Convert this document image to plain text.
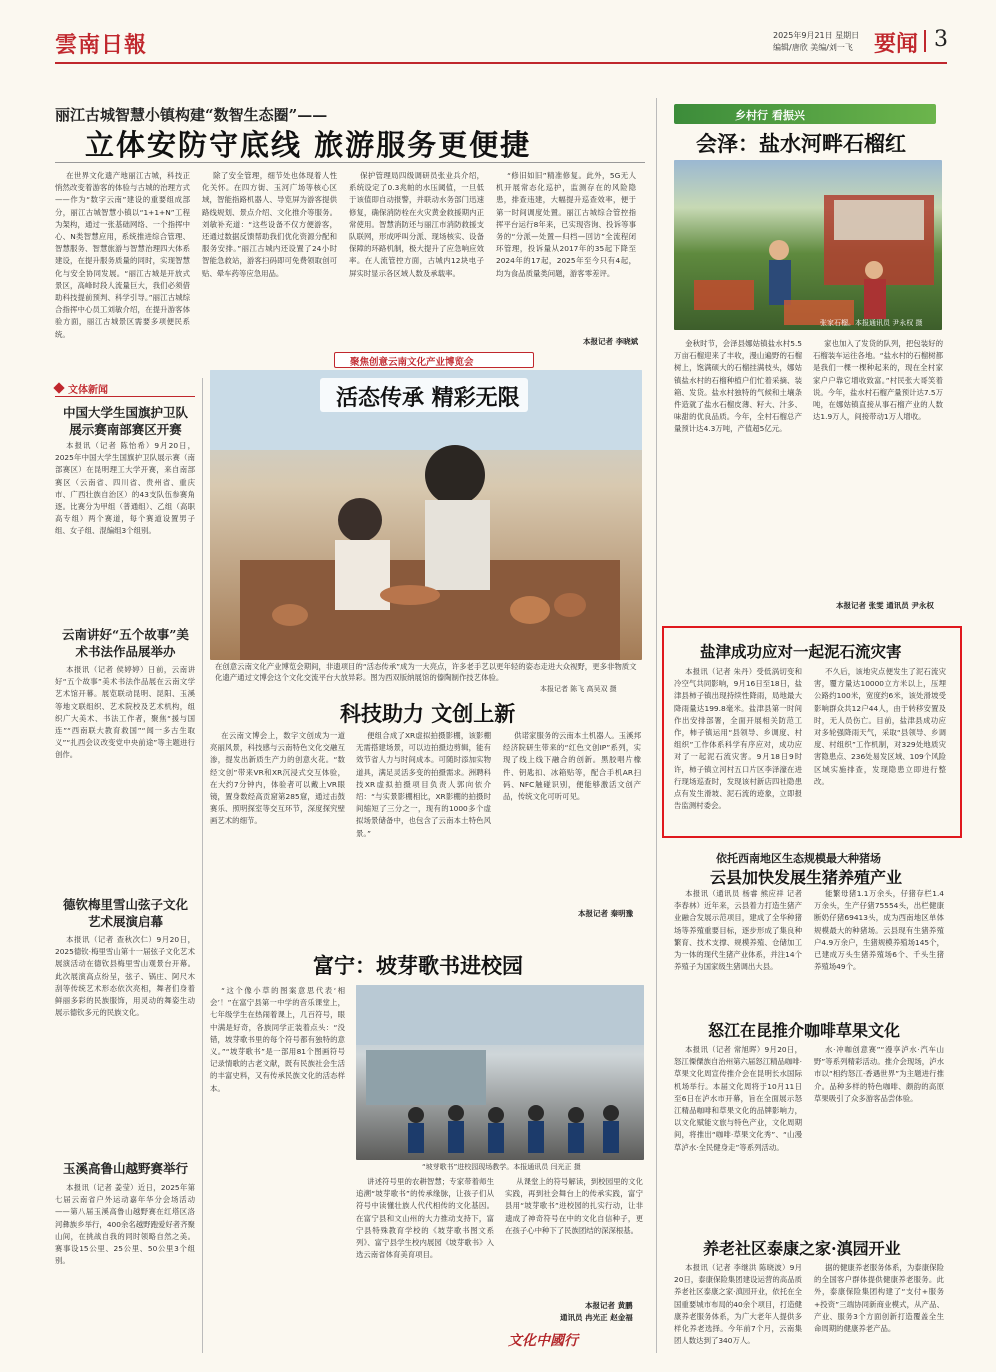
雲南日報	2025年9月21日 星期日
编辑/唐欣 美编/刘一飞 要闻 3
丽江古城智慧小镇构建“数智生态圈”——
立体安防守底线 旅游服务更便捷

在世界文化遗产地丽江古城，科技正悄然改变着游客的体验与古城的治理方式——作为“数字云南”建设的重要组成部分，丽江古城智慧小镇以“1+1+N”工程为架构，通过一张基础网络、一个指挥中心、N类智慧应用，系统推进综合管理、智慧服务、智慧旅游与智慧治理四大体系建设，在提升服务质量的同时，实现智慧化与安全协同发展。“丽江古城是开放式景区，高峰时段人流量巨大，我们必须借助科技提前预判、科学引导。”丽江古城综合指挥中心员工刘敏介绍，在提升游客体验方面，丽江古城景区需要多项便民系统。

除了安全管理，细节处也体现着人性化关怀。在四方街、玉河广场等核心区域，智能指路机器人、导览屏为游客提供路线规划、景点介绍、文化推介等服务。刘敏补充道：“这些设备不仅方便游客，还通过数据反馈帮助我们优化资源分配和服务安排。”丽江古城内还设置了24小时智能急救站，游客扫码即可免费领取创可贴、晕车药等应急用品。

保护管理局四级调研员张业兵介绍，系统设定了0.3兆帕的水压阈值，一旦低于该值即自动报警，并联动水务部门迅速修复，确保消防栓在火灾黄金救援期内正常使用。智慧消防还与丽江市消防救援支队联网，形成呼叫分派、现场核实、设备保障的环路机制，极大提升了应急响应效率。在人流管控方面，古城内12块电子屏实时显示各区域人数及承载率。

“修旧如旧”精准修复。此外，5G无人机开展常态化巡护，监测存在的风险隐患，排查违建，大幅提升巡查效率，便于第一时间调度处置。丽江古城综合管控指挥平台运行8年来，已实现咨询、投诉等事务的“分派—处置—归档—回访”全流程闭环管理，投诉量从2017年的35起下降至2024年的17起，2025年至今只有4起，均为食品质量类问题，游客零差评。

本报记者 李晓斌
乡村行 看振兴
会泽：盐水河畔石榴红
张家石榴。本报通讯员 尹永权 摄

金秋时节，会泽县娜姑镇盐水村5.5万亩石榴迎来了丰收，漫山遍野的石榴树上，饱满硕大的石榴挂满枝头，娜姑镇盐水村的石榴种植户们忙着采摘、装箱、发货。盐水村独特的气候和土壤条件造就了盐水石榴皮薄、籽大、汁多、味甜的优良品质。今年，全村石榴总产量预计达4.3万吨，产值超5亿元。

家也加入了发货的队列，把包装好的石榴装车运往各地。“盐水村的石榴树都是我们一棵一棵种起来的，现在全村家家户户靠它增收致富。”村民张大哥笑着说。今年，盐水村石榴产量预计达7.5万吨，在娜姑镇直接从事石榴产业的人数达1.9万人，间接带动1万人增收。

本报记者 张雯 通讯员 尹永权
文体新闻
中国大学生国旗护卫队展示赛南部赛区开赛

本报讯（记者 陈怡希）9月20日，2025年中国大学生国旗护卫队展示赛（南部赛区）在昆明理工大学开赛，来自南部赛区（云南省、四川省、贵州省、重庆市、广西壮族自治区）的43支队伍参赛角逐。比赛分为甲组（普通组）、乙组（高职高专组）两个赛道，每个赛道设置男子组、女子组、混编组3个组别。

云南讲好“五个故事”美术书法作品展举办

本报讯（记者 侯婷婷）日前，云南讲好“五个故事”美术书法作品展在云南文学艺术馆开幕。展览联动昆明、昆阳、玉溪等地文联组织、艺术院校及艺术机构，组织广大美术、书法工作者，聚焦“援与国连”“西南联大教育救国”“闻一多古生取义”“扎西会议改变党中央前途”等主题进行创作。

德钦梅里雪山弦子文化艺术展演启幕

本报讯（记者 查秋次仁）9月20日，2025德钦·梅里雪山第十一届弦子文化艺术展演活动在德钦县梅里雪山观景台开幕。此次展演高点纷呈，弦子、锅庄、阿尺木刮等传统艺术形态依次亮相，舞者们身着鲜丽多彩的民族服饰，用灵动的舞姿生动展示德钦多元的民族文化。

玉溪高鲁山越野赛举行

本报讯（记者 姜莹）近日，2025年第七届云南省户外运动嘉年华分会场活动——第八届玉溪高鲁山越野赛在红塔区洛河彝族乡举行，400余名越野跑爱好者齐聚山间，在挑战自我的同时领略自然之美。赛事设15公里、25公里、50公里3个组别。

聚焦创意云南文化产业博览会
活态传承 精彩无限
在创意云南文化产业博览会期间，非遗项目的“活态传承”成为一大亮点，许多老手艺以更年轻的姿态走进大众视野，更多非物质文化遗产通过文博会这个文化交流平台大放异彩。图为西双版纳展馆的傣陶制作技艺体验。
本报记者 陈飞 高吴双 摄
科技助力 文创上新

在云南文博会上，数字文创成为一道亮丽风景，科技感与云南特色文化交融互渗，提发出新质生产力的创意火花。“数经文创”带来VR和XR沉浸式交互体验，在大约7分钟内，体验者可以戴上VR眼镜，置身数经高贡窟第285窟，通过击鼓赛乐、照明探室等交互环节，深度探究壁画艺术的细节。

便组合成了XR虚拟拍摄影棚，该影棚无需搭建场景，可以边拍摄边剪辑，能有效节省人力与时间成本。可随时添加实物道具，满足灵活多变的拍摄需求。洲聘科技XR虚拟拍摄项目负责人郭向依介绍：“与实景影棚相比，XR影棚的拍摄时间缩短了三分之一，现有的1000多个虚拟场景储备中，也包含了云南本土特色风景。”

供诺家服务的云南本土机器人。玉溪邦经济院研生带来的“红色文创IP”系列，实现了线上线下融合的创新。黑胶唱片橡件、钥匙扣、冰箱贴等，配合手机AR扫码、NFC触碰识别，便能够激活文创产品，传统文化可听可见。

本报记者 秦明豫
富宁：坡芽歌书进校园

“这个像小草的图案意思代表‘相会’！”在富宁县第一中学的音乐课堂上，七年级学生在热闹着课上，几百符号，眼中满是好奇，各族同学正装着点头：“没错，坡芽歌书里的每个符号都有独特的意义。”“坡芽歌书”是一部用81个图画符号记录情歌的古老文献，既有民族社会生活的丰富史料，又有传承民族文化的活态样本。

“坡芽歌书”进校园现场教学。本报通讯员 闫光正 摄

讲述符号里的农耕智慧；专家带着师生追溯“坡芽歌书”的传承缘脉，让孩子们从符号中读懂壮族人代代相传的文化基因。在富宁县和文山州的大力推动支持下，富宁县特殊教育学校的《坡芽歌书图文系列》、富宁县学生校内展园《坡芽歌书》入选云南省体育美育项目。

从课堂上的符号解读，到校园里的文化实践，再到社会舞台上的传承实践，富宁县用“坡芽歌书”进校园的扎实行动，让非遗成了神奇符号在中的文化自信种子，更在孩子心中种下了民族团结的深深根基。

本报记者 黄鹏
通讯员 冉光正 赵金福
文化中國行
盐津成功应对一起泥石流灾害

本报讯（记者 朱丹）受低涡切变和冷空气共同影响，9月16日至18日，盐津县柿子镇出现持续性降雨，局地最大降雨量达199.8毫米。盐津县第一时间作出安排部署，全面开展相关防范工作，柿子镇运用“县领导、乡调度、村组织”工作体系科学有序应对，成功应对了一起泥石流灾害。9月18日9时许，柿子镇立河村五口片区李泽濠在进行现场巡查时，发现该村新店四社隐患点有发生滑坡、泥石流的迹象，立即报告监测村委会。

不久后，该地灾点便发生了泥石流灾害，覆方量达10000立方米以上，压埋公路约100米，宽度约6米，该处滑坡受影响群众共12户44人，由于转移安置及时，无人员伤亡。目前，盐津县成功应对多轮强降雨天气，采取“县领导、乡调度、村组织”工作机制，对329处地质灾害隐患点、236处易发区域、109个风险区域实施排查，发现隐患立即进行整改。

依托西南地区生态规模最大种猪场
云县加快发展生猪养殖产业

本报讯（通讯员 杨睿 熊应祥 记者 李春林）近年来，云县着力打造生猪产业融合发展示范项目，建成了全华种猪场等养殖重要目标，逐步形成了集良种繁育、技术支撑、规模养殖、仓储加工为一体的现代生猪产业体系，并注14个养殖子为国家级生猪调出大县。

能繁母猪1.1万余头，仔猪存栏1.4万余头，生产仔猪75554头，出栏健康断奶仔猪69413头，成为西南地区单体规模最大的种猪场。云县现有生猪养殖户4.9万余户，生猪规模养殖场145个，已建成万头生猪养殖场6个、千头生猪养殖场49个。

怒江在昆推介咖啡草果文化

本报讯（记者 常旭晖）9月20日，怒江傈僳族自治州第六届怒江精品咖啡·草果文化周宣传推介会在昆明长水国际机场举行。本届文化周将于10月11日至6日在泸水市开幕，旨在全面展示怒江精品咖啡和草果文化的品牌影响力，以文化赋能文旅与特色产业，文化周期间，将推出“咖啡·草果文化秀”、“山漫草泸水·全民健身走”等系列活动。

水·冲咖创意赛”“漫享泸水·汽车山野”等系列精彩活动。推介会现场，泸水市以“相约怒江·香遇世界”为主题进行推介。品种多样的特色咖啡、颇韵的高原草果吸引了众多游客品尝体验。

养老社区泰康之家·滇园开业

本报讯（记者 李继洪 陈晓波）9月20日，泰康保险集团建设运营的高品质养老社区泰康之家·滇园开业，依托在全国重要城市布局的40余个项目，打造健康养老服务体系，为广大老年人提供多样化养老选择。今年前7个月，云南集团人数达到了340万人。

据的健康养老服务体系，为泰康保险的全国客户群体提供健康养老服务。此外，泰康保险集团构建了“支付+服务+投资”三端协同新商业模式，从产品、产业、服务3个方面创新打造覆盖全生命周期的健康养老产品。
